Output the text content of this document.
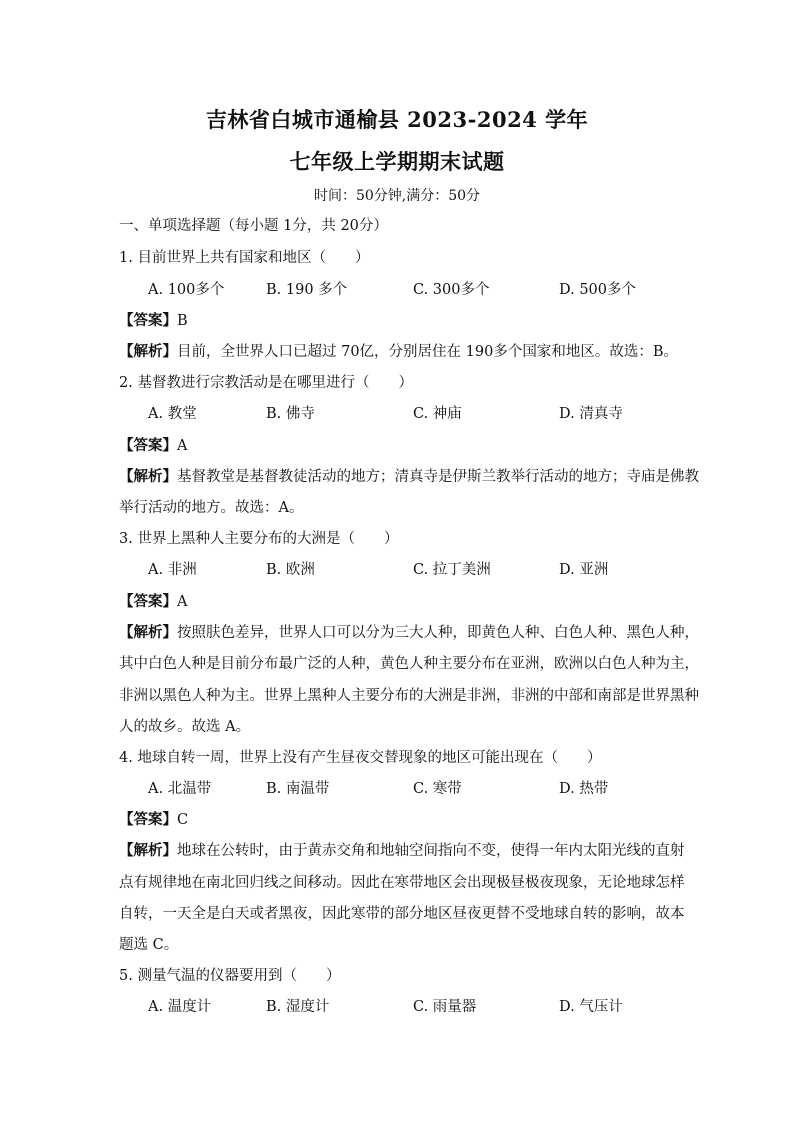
吉林省白城市通榆县 2023-2024 学年
七年级上学期期末试题
时间：50分钟,满分：50分
一、单项选择题（每小题 1分，共 20分）
1. 目前世界上共有国家和地区（　　）
A. 100多个	B. 190 多个	C. 300多个	D. 500多个
【答案】B
【解析】目前，全世界人口已超过 70亿，分别居住在 190多个国家和地区。故选：B。
2. 基督教进行宗教活动是在哪里进行（　　）
A. 教堂	B. 佛寺	C. 神庙	D. 清真寺
【答案】A
【解析】基督教堂是基督教徒活动的地方；清真寺是伊斯兰教举行活动的地方；寺庙是佛教
举行活动的地方。故选：A。
3. 世界上黑种人主要分布的大洲是（　　）
A. 非洲	B. 欧洲	C. 拉丁美洲	D. 亚洲
【答案】A
【解析】按照肤色差异，世界人口可以分为三大人种，即黄色人种、白色人种、黑色人种，
其中白色人种是目前分布最广泛的人种，黄色人种主要分布在亚洲，欧洲以白色人种为主，
非洲以黑色人种为主。世界上黑种人主要分布的大洲是非洲，非洲的中部和南部是世界黑种
人的故乡。故选 A。
4. 地球自转一周，世界上没有产生昼夜交替现象的地区可能出现在（　　）
A. 北温带	B. 南温带	C. 寒带	D. 热带
【答案】C
【解析】地球在公转时，由于黄赤交角和地轴空间指向不变，使得一年内太阳光线的直射
点有规律地在南北回归线之间移动。因此在寒带地区会出现极昼极夜现象，无论地球怎样
自转，一天全是白天或者黑夜，因此寒带的部分地区昼夜更替不受地球自转的影响，故本
题选 C。
5. 测量气温的仪器要用到（　　）
A. 温度计	B. 湿度计	C. 雨量器	D. 气压计
